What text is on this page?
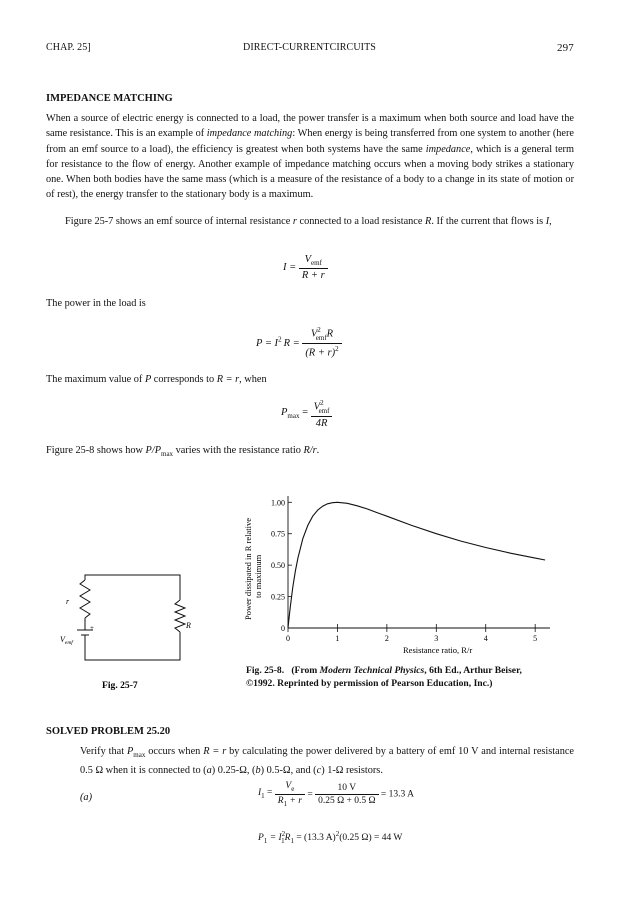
CHAP. 25]	DIRECT-CURRENTCIRCUITS	297
IMPEDANCE MATCHING
When a source of electric energy is connected to a load, the power transfer is a maximum when both source and load have the same resistance. This is an example of impedance matching: When energy is being transferred from one system to another (here from an emf source to a load), the efficiency is greatest when both systems have the same impedance, which is a general term for resistance to the flow of energy. Another example of impedance matching occurs when a moving body strikes a stationary one. When both bodies have the same mass (which is a measure of the resistance of a body to a change in its state of motion or of rest), the energy transfer to the stationary body is a maximum.
Figure 25-7 shows an emf source of internal resistance r connected to a load resistance R. If the current that flows is I,
$I = \frac{V_{emf}}{R + r}$
The power in the load is
$P = I^2$ $R = \frac{V^2_{emf}R}{(R + r)^2}$
The maximum value of P corresponds to R = r, when
$P_{max} = \frac{V^2_{emf}}{4R}$
Figure 25-8 shows how $P/P_{max}$ varies with the resistance ratio R/r.
r
R
+
$V_{emf}$
Fig. 25-7
Power dissipated in R relative to maximum
Resistance ratio, R/r
0	1	2	3	4	5
0
0.25
0.50
0.75
1.00
Fig. 25-8. (From Modern Technical Physics, 6th Ed., Arthur Beiser,
©1992. Reprinted by permission of Pearson Education, Inc.)
SOLVED PROBLEM 25.20
Verify that $P_{max}$ occurs when R = r by calculating the power delivered by a battery of emf 10 V and internal resistance 0.5 Ω when it is connected to (a) 0.25-Ω, (b) 0.5-Ω, and (c) 1-Ω resistors.
(a)	$I_1 = \frac{V_e}{R_1 + r} = \frac{10 V}{0.25 \Omega + 0.5 \Omega} = 13.3$ A
$P_1 = I^2_1R_1 = (13.3$ A)$^2$(0.25 Ω) = 44 W
